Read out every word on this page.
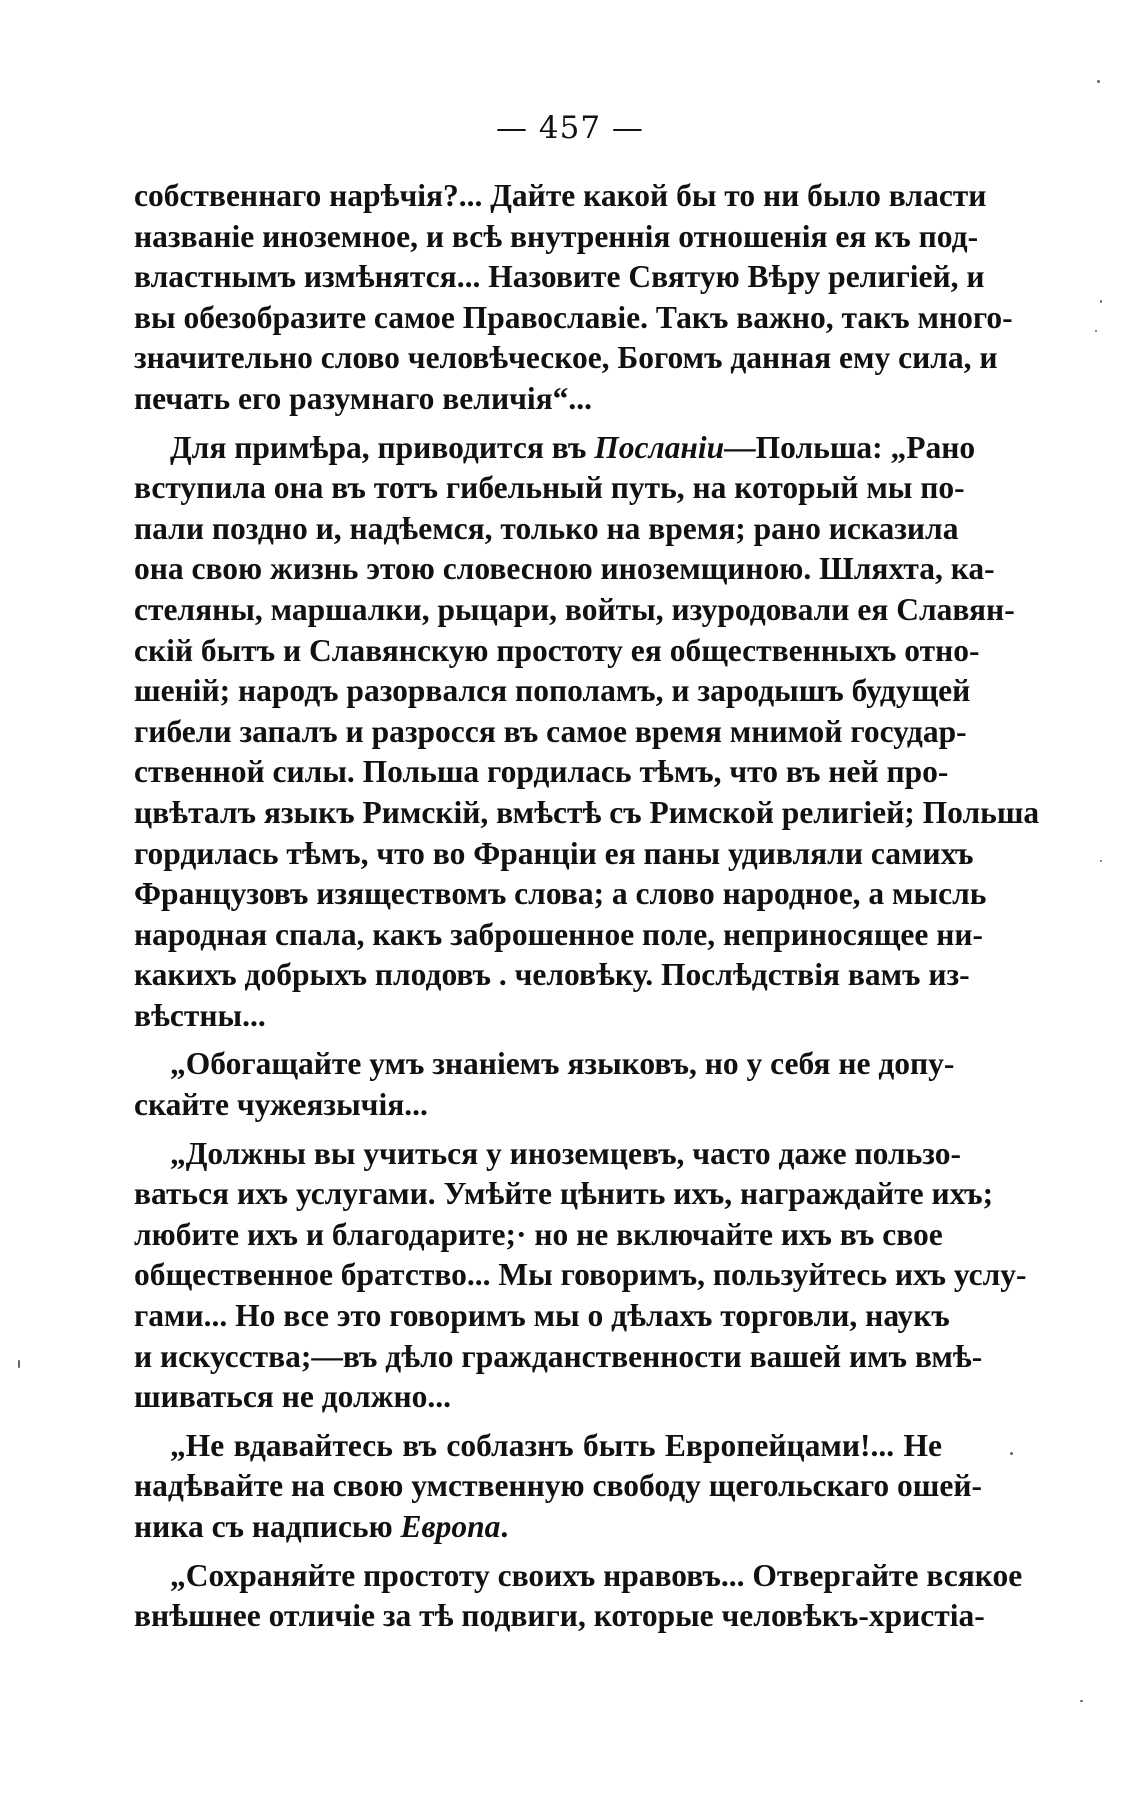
— 457 —
собственнаго нарѣчія?... Дайте какой бы то ни было власти
названіе иноземное, и всѣ внутреннія отношенія ея къ под-
властнымъ измѣнятся... Назовите Святую Вѣру религіей, и
вы обезобразите самое Православіе. Такъ важно, такъ много-
значительно слово человѣческое, Богомъ данная ему сила, и
печать его разумнаго величія“...
Для примѣра, приводится въ Посланіи—Польша: „Рано
вступила она въ тотъ гибельный путь, на который мы по-
пали поздно и, надѣемся, только на время; рано исказила
она свою жизнь этою словесною иноземщиною. Шляхта, ка-
стеляны, маршалки, рыцари, войты, изуродовали ея Славян-
скій бытъ и Славянскую простоту ея общественныхъ отно-
шеній; народъ разорвался пополамъ, и зародышъ будущей
гибели запалъ и разросся въ самое время мнимой государ-
ственной силы. Польша гордилась тѣмъ, что въ ней про-
цвѣталъ языкъ Римскій, вмѣстѣ съ Римской религіей; Польша
гордилась тѣмъ, что во Франціи ея паны удивляли самихъ
Французовъ изяществомъ слова; а слово народное, а мысль
народная спала, какъ заброшенное поле, неприносящее ни-
какихъ добрыхъ плодовъ . человѣку. Послѣдствія вамъ из-
вѣстны...
„Обогащайте умъ знаніемъ языковъ, но у себя не допу-
скайте чужеязычія...
„Должны вы учиться у иноземцевъ, часто даже пользо-
ваться ихъ услугами. Умѣйте цѣнить ихъ, награждайте ихъ;
любите ихъ и благодарите;· но не включайте ихъ въ свое
общественное братство... Мы говоримъ, пользуйтесь ихъ услу-
гами... Но все это говоримъ мы о дѣлахъ торговли, наукъ
и искусства;—въ дѣло гражданственности вашей имъ вмѣ-
шиваться не должно...
„Не вдавайтесь въ соблазнъ быть Европейцами!... Не
надѣвайте на свою умственную свободу щегольскаго ошей-
ника съ надписью Европа.
„Сохраняйте простоту своихъ нравовъ... Отвергайте всякое
внѣшнее отличіе за тѣ подвиги, которые человѣкъ-христіа-
